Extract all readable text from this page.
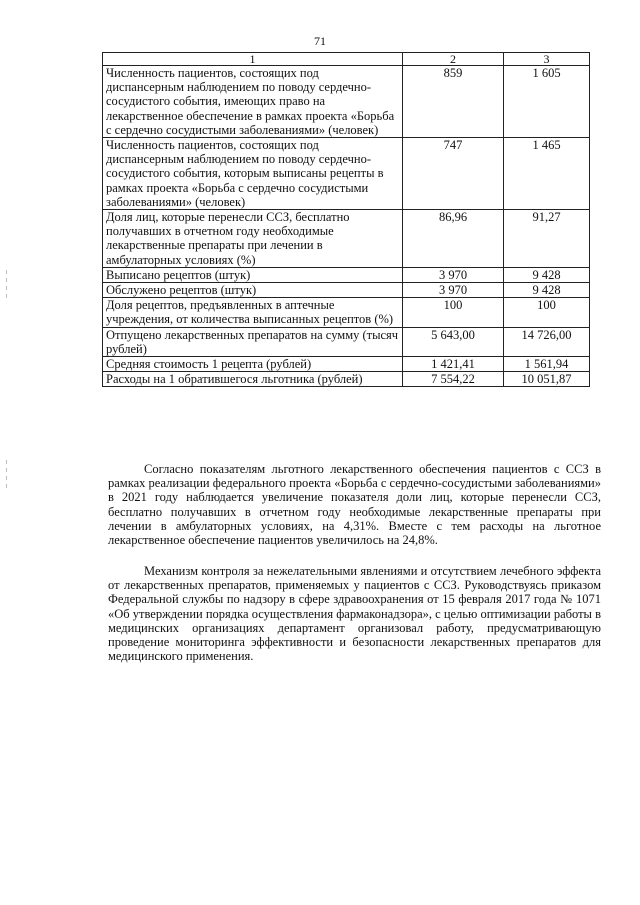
71
1	2	3
Численность пациентов, состоящих под диспансерным наблюдением по поводу сердечно-сосудистого события, имеющих право на лекарственное обеспечение в рамках проекта «Борьба с сердечно сосудистыми заболеваниями» (человек)	859	1 605
Численность пациентов, состоящих под диспансерным наблюдением по поводу сердечно-сосудистого события, которым выписаны рецепты в рамках проекта «Борьба с сердечно сосудистыми заболеваниями» (человек)	747	1 465
Доля лиц, которые перенесли ССЗ, бесплатно получавших в отчетном году необходимые лекарственные препараты при лечении в амбулаторных условиях (%)	86,96	91,27
Выписано рецептов (штук)	3 970	9 428
Обслужено рецептов (штук)	3 970	9 428
Доля рецептов, предъявленных в аптечные учреждения, от количества выписанных рецептов (%)	100	100
Отпущено лекарственных препаратов на сумму (тысяч рублей)	5 643,00	14 726,00
Средняя стоимость 1 рецепта (рублей)	1 421,41	1 561,94
Расходы на 1 обратившегося льготника (рублей)	7 554,22	10 051,87

Согласно показателям льготного лекарственного обеспечения пациентов с ССЗ в рамках реализации федерального проекта «Борьба с сердечно-сосудистыми заболеваниями» в 2021 году наблюдается увеличение показателя доли лиц, которые перенесли ССЗ, бесплатно получавших в отчетном году необходимые лекарственные препараты при лечении в амбулаторных условиях, на 4,31%. Вместе с тем расходы на льготное лекарственное обеспечение пациентов увеличилось на 24,8%.

Механизм контроля за нежелательными явлениями и отсутствием лечебного эффекта от лекарственных препаратов, применяемых у пациентов с ССЗ. Руководствуясь приказом Федеральной службы по надзору в сфере здравоохранения от 15 февраля 2017 года № 1071 «Об утверждении порядка осуществления фармаконадзора», с целью оптимизации работы в медицинских организациях департамент организовал работу, предусматривающую проведение мониторинга эффективности и безопасности лекарственных препаратов для медицинского применения.
